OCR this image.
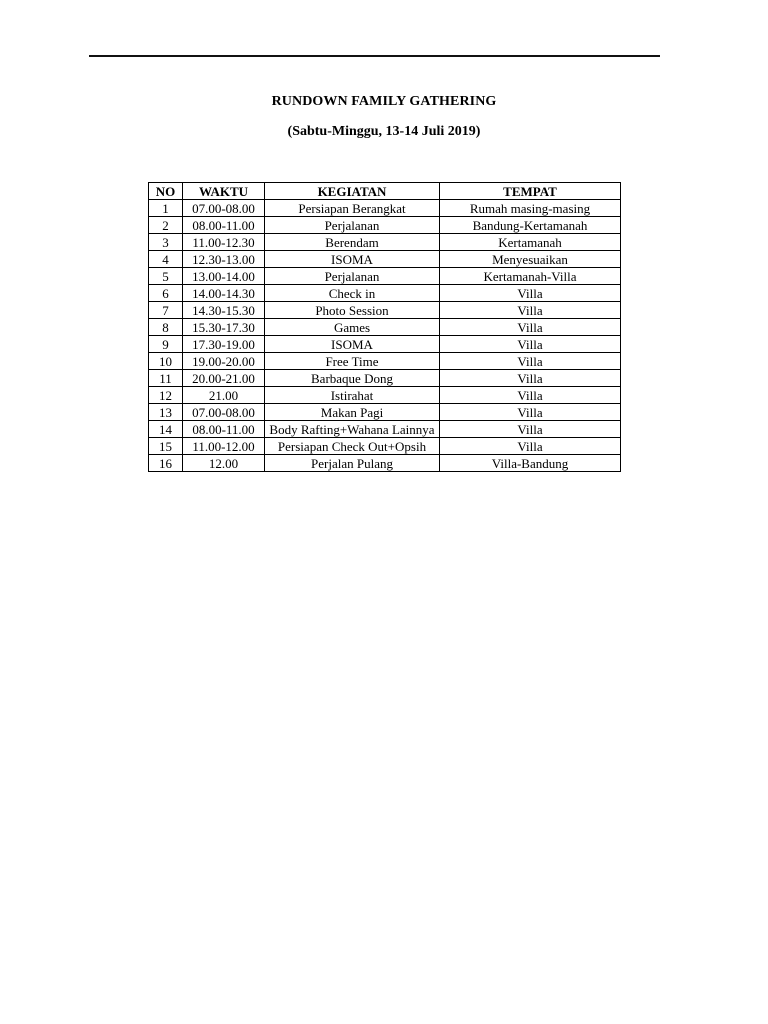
RUNDOWN FAMILY GATHERING
(Sabtu-Minggu, 13-14 Juli 2019)
NO	WAKTU	KEGIATAN	TEMPAT
1	07.00-08.00	Persiapan Berangkat	Rumah masing-masing
2	08.00-11.00	Perjalanan	Bandung-Kertamanah
3	11.00-12.30	Berendam	Kertamanah
4	12.30-13.00	ISOMA	Menyesuaikan
5	13.00-14.00	Perjalanan	Kertamanah-Villa
6	14.00-14.30	Check in	Villa
7	14.30-15.30	Photo Session	Villa
8	15.30-17.30	Games	Villa
9	17.30-19.00	ISOMA	Villa
10	19.00-20.00	Free Time	Villa
11	20.00-21.00	Barbaque Dong	Villa
12	21.00	Istirahat	Villa
13	07.00-08.00	Makan Pagi	Villa
14	08.00-11.00	Body Rafting+Wahana Lainnya	Villa
15	11.00-12.00	Persiapan Check Out+Opsih	Villa
16	12.00	Perjalan Pulang	Villa-Bandung
